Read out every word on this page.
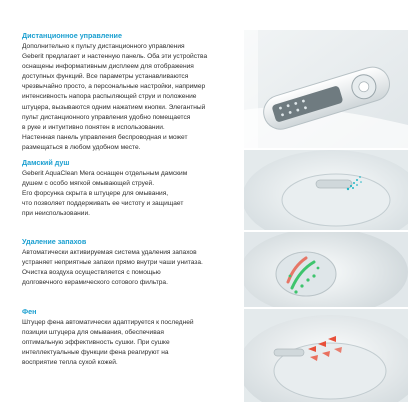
Дистанционное управление
Дополнительно к пульту дистанционного управления
Geberit предлагает и настенную панель. Оба эти устройства
оснащены информативным дисплеем для отображения
доступных функций. Все параметры устанавливаются
чрезвычайно просто, а персональные настройки, например
интенсивность напора распыляющей струи и положение
штуцера, вызываются одним нажатием кнопки. Элегантный
пульт дистанционного управления удобно помещается
в руке и интуитивно понятен в использовании.
Настенная панель управления беспроводная и может
размещаться в любом удобном месте.
Дамский душ
Geberit AquaClean Mera оснащен отдельным дамским
душем с особо мягкой омывающей струей.
Его форсунка скрыта в штуцере для омывания,
что позволяет поддерживать ее чистоту и защищает
при неиспользовании.
Удаление запахов
Автоматически активируемая система удаления запахов
устраняет неприятные запахи прямо внутри чаши унитаза.
Очистка воздуха осуществляется с помощью
долговечного керамического сотового фильтра.
Фен
Штуцер фена автоматически адаптируется к последней
позиции штуцера для омывания, обеспечивая
оптимальную эффективность сушки. При сушке
интеллектуальные функции фена реагируют на
восприятие тепла сухой кожей.
